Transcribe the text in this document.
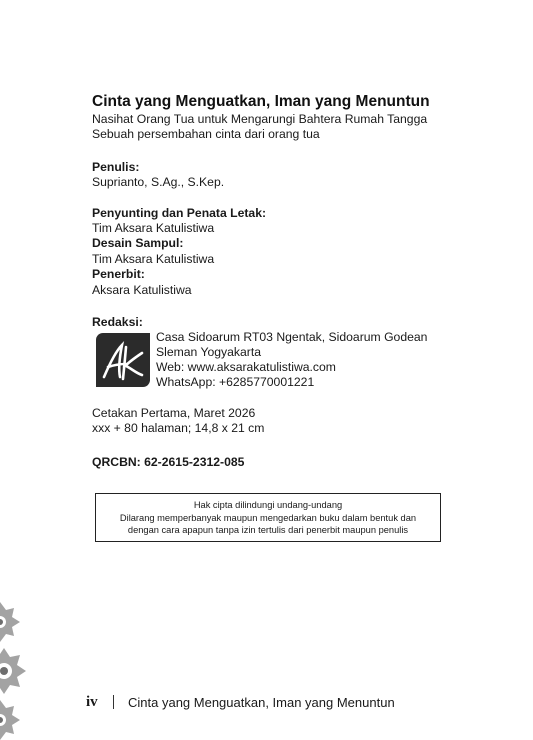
Cinta yang Menguatkan, Iman yang Menuntun
Nasihat Orang Tua untuk Mengarungi Bahtera Rumah Tangga
Sebuah persembahan cinta dari orang tua
Penulis:
Suprianto, S.Ag., S.Kep.
Penyunting dan Penata Letak:
Tim Aksara Katulistiwa
Desain Sampul:
Tim Aksara Katulistiwa
Penerbit:
Aksara Katulistiwa
Redaksi:
Casa Sidoarum RT03 Ngentak, Sidoarum Godean
Sleman Yogyakarta
Web: www.aksarakatulistiwa.com
WhatsApp: +6285770001221
Cetakan Pertama, Maret 2026
xxx + 80 halaman; 14,8 x 21 cm
QRCBN: 62-2615-2312-085
Hak cipta dilindungi undang-undang
Dilarang memperbanyak maupun mengedarkan buku dalam bentuk dan
dengan cara apapun tanpa izin tertulis dari penerbit maupun penulis
iv Cinta yang Menguatkan, Iman yang Menuntun
